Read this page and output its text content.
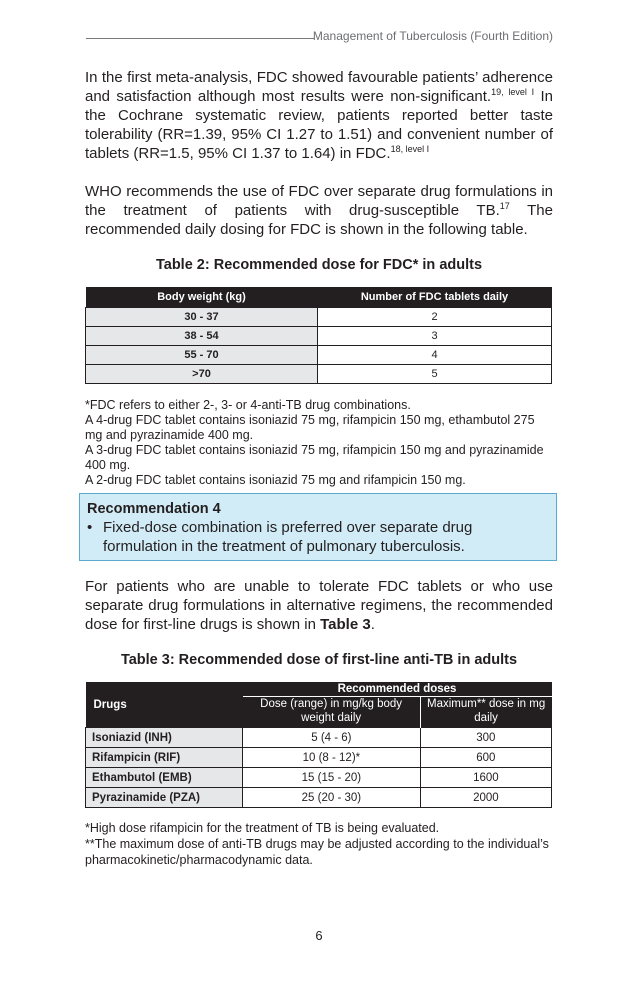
Management of Tuberculosis (Fourth Edition)

In the first meta-analysis, FDC showed favourable patients’ adherence and satisfaction although most results were non-significant.$^{19, level I}$ In the Cochrane systematic review, patients reported better taste tolerability (RR=1.39, 95% CI 1.27 to 1.51) and convenient number of tablets (RR=1.5, 95% CI 1.37 to 1.64) in FDC.$^{18, level I}$

WHO recommends the use of FDC over separate drug formulations in the treatment of patients with drug-susceptible TB.$^{17}$ The recommended daily dosing for FDC is shown in the following table.

Table 2: Recommended dose for FDC* in adults

Body weight (kg)	Number of FDC tablets daily
30 - 37	2
38 - 54	3
55 - 70	4
>70	5

*FDC refers to either 2-, 3- or 4-anti-TB drug combinations.

A 4-drug FDC tablet contains isoniazid 75 mg, rifampicin 150 mg, ethambutol 275 mg and pyrazinamide 400 mg.

A 3-drug FDC tablet contains isoniazid 75 mg, rifampicin 150 mg and pyrazinamide 400 mg.

A 2-drug FDC tablet contains isoniazid 75 mg and rifampicin 150 mg.

Recommendation 4

• Fixed-dose combination is preferred over separate drug formulation in the treatment of pulmonary tuberculosis.

For patients who are unable to tolerate FDC tablets or who use separate drug formulations in alternative regimens, the recommended dose for first-line drugs is shown in Table 3.

Table 3: Recommended dose of first-line anti-TB in adults

Drugs	Recommended doses	
	Dose (range) in mg/kg body weight daily	Maximum** dose in mg daily
Isoniazid (INH)	5 (4 - 6)	300
Rifampicin (RIF)	10 (8 - 12)*	600
Ethambutol (EMB)	15 (15 - 20)	1600
Pyrazinamide (PZA)	25 (20 - 30)	2000

*High dose rifampicin for the treatment of TB is being evaluated.

**The maximum dose of anti-TB drugs may be adjusted according to the individual’s pharmacokinetic/pharmacodynamic data.

6
